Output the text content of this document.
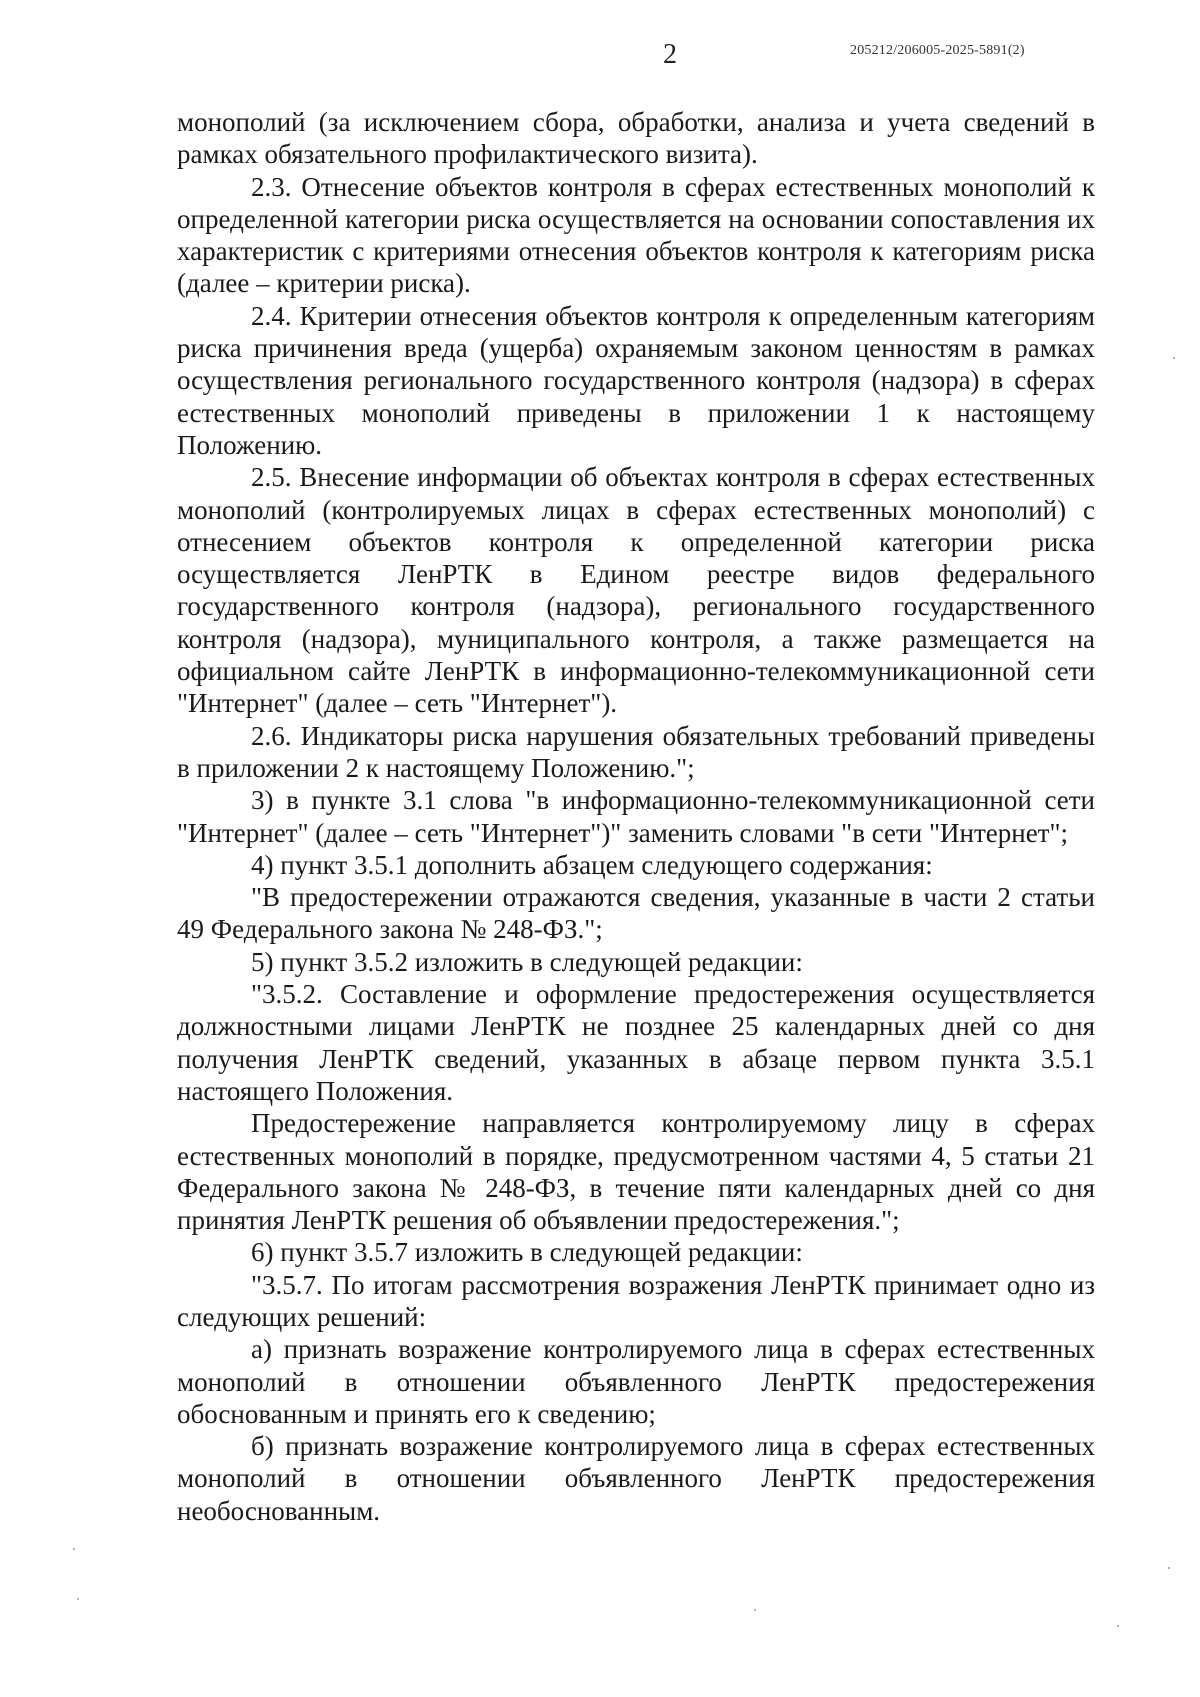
2	205212/206005-2025-5891(2)

монополий (за исключением сбора, обработки, анализа и учета сведений в рамках обязательного профилактического визита).

2.3. Отнесение объектов контроля в сферах естественных монополий к определенной категории риска осуществляется на основании сопоставления их характеристик с критериями отнесения объектов контроля к категориям риска (далее – критерии риска).

2.4. Критерии отнесения объектов контроля к определенным категориям риска причинения вреда (ущерба) охраняемым законом ценностям в рамках осуществления регионального государственного контроля (надзора) в сферах естественных монополий приведены в приложении 1 к настоящему Положению.

2.5. Внесение информации об объектах контроля в сферах естественных монополий (контролируемых лицах в сферах естественных монополий) с отнесением объектов контроля к определенной категории риска осуществляется ЛенРТК в Едином реестре видов федерального государственного контроля (надзора), регионального государственного контроля (надзора), муниципального контроля, а также размещается на официальном сайте ЛенРТК в информационно-телекоммуникационной сети "Интернет" (далее – сеть "Интернет").

2.6. Индикаторы риска нарушения обязательных требований приведены в приложении 2 к настоящему Положению.";

3) в пункте 3.1 слова "в информационно-телекоммуникационной сети "Интернет" (далее – сеть "Интернет")" заменить словами "в сети "Интернет";

4) пункт 3.5.1 дополнить абзацем следующего содержания:

"В предостережении отражаются сведения, указанные в части 2 статьи 49 Федерального закона № 248-ФЗ.";

5) пункт 3.5.2 изложить в следующей редакции:

"3.5.2. Составление и оформление предостережения осуществляется должностными лицами ЛенРТК не позднее 25 календарных дней со дня получения ЛенРТК сведений, указанных в абзаце первом пункта 3.5.1 настоящего Положения.

Предостережение направляется контролируемому лицу в сферах естественных монополий в порядке, предусмотренном частями 4, 5 статьи 21 Федерального закона № 248-ФЗ, в течение пяти календарных дней со дня принятия ЛенРТК решения об объявлении предостережения.";

6) пункт 3.5.7 изложить в следующей редакции:

"3.5.7. По итогам рассмотрения возражения ЛенРТК принимает одно из следующих решений:

а) признать возражение контролируемого лица в сферах естественных монополий в отношении объявленного ЛенРТК предостережения обоснованным и принять его к сведению;

б) признать возражение контролируемого лица в сферах естественных монополий в отношении объявленного ЛенРТК предостережения необоснованным.
